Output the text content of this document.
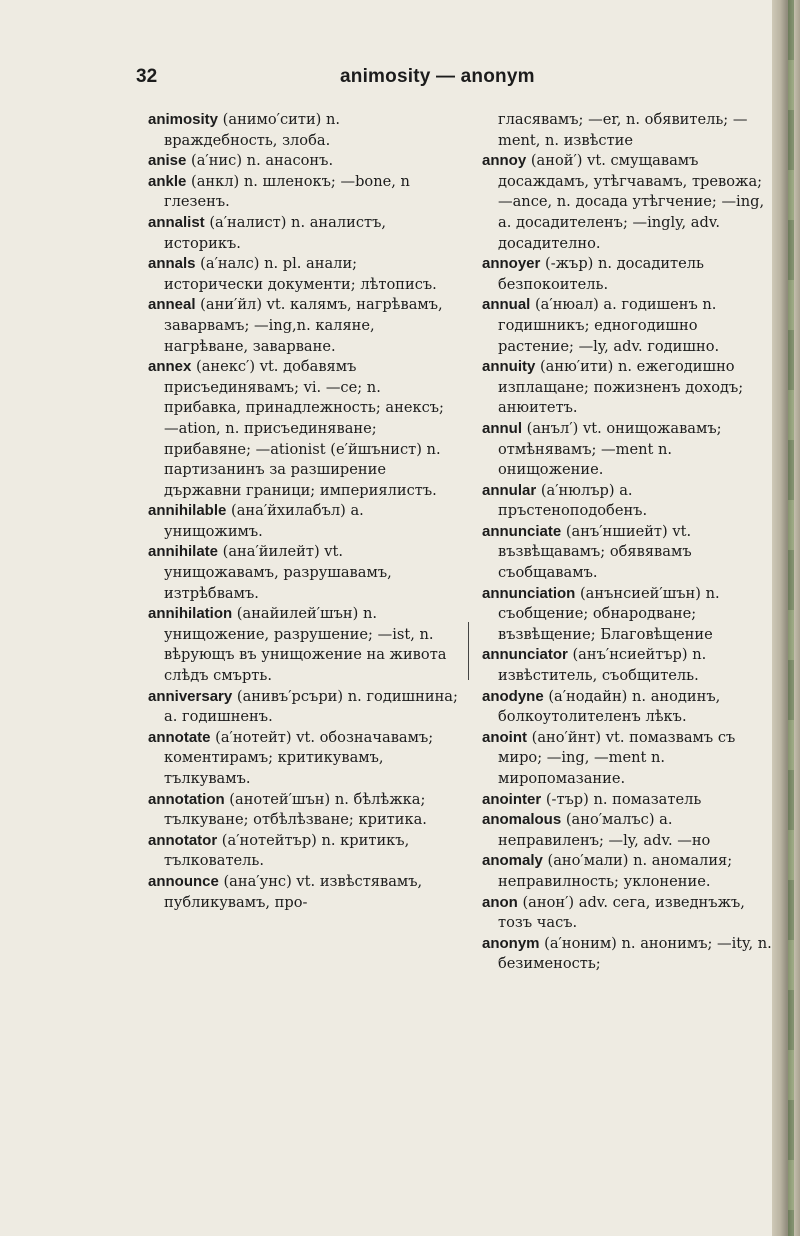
32	animosity — anonym

animosity (анимо′сити) n. враждебность, злоба.

anise (а′нис) n. анасонъ.

ankle (анкл) n. шленокъ; —bone, n глезенъ.

annalist (а′налист) n. аналистъ, историкъ.

annals (а′налс) n. pl. анали; исторически документи; лѣтописъ.

anneal (ани′йл) vt. калямъ, нагрѣвамъ, заварвамъ; —ing,n. каляне, нагрѣване, заварване.

annex (анекс′) vt. добавямъ присъединявамъ; vi. —се; n. прибавка, принадлежность; анексъ; —ation, n. присъединяване; прибавяне; —ationist (е′йшънист) n. партизанинъ за разширение държавни граници; империялистъ.

annihilable (ана′йхилабъл) a. унищожимъ.

annihilate (ана′йилейт) vt. унищожавамъ, разрушавамъ, изтрѣбвамъ.

annihilation (анайилей′шън) n. унищожение, разрушение; —ist, n. вѣрующъ въ унищожение на живота слѣдъ смърть.

anniversary (анивъ′рсъри) n. годишнина; a. годишненъ.

annotate (а′нотейт) vt. обозначавамъ; коментирамъ; критикувамъ, тълкувамъ.

annotation (анотей′шън) n. бѣлѣжка; тълкуване; отбѣлѣзване; критика.

annotator (а′нотейтър) n. критикъ, тълкователь.

announce (ана′унс) vt. извѣстявамъ, публикувамъ, про-

гласявамъ; —er, n. обявитель; —ment, n. извѣстие

annoy (аной′) vt. смущавамъ досаждамъ, утѣгчавамъ, тревожа; —ance, n. досада утѣгчение; —ing, a. досадителенъ; —ingly, adv. досадително.

annoyer (-жър) n. досадитель безпокоитель.

annual (а′нюал) a. годишенъ n. годишникъ; едногодишно растение; —ly, adv. годишно.

annuity (аню′ити) n. ежегодишно изплащане; пожизненъ доходъ; анюитетъ.

annul (анъл′) vt. онищожавамъ; отмѣнявамъ; —ment n. онищожение.

annular (а′нюлър) a. пръстеноподобенъ.

annunciate (анъ′ншиейт) vt. възвѣщавамъ; обявявамъ съобщавамъ.

annunciation (анънсией′шън) n. съобщение; обнародване; възвѣщение; Благовѣщение

annunciator (анъ′нсиейтър) n. извѣститель, съобщитель.

anodyne (а′нодайн) n. анодинъ, болкоутолителенъ лѣкъ.

anoint (ано′йнт) vt. помазвамъ съ миро; —ing, —ment n. миропомазание.

anointer (-тър) n. помазатель

anomalous (ано′малъс) a. неправиленъ; —ly, adv. —но

anomaly (ано′мали) n. аномалия; неправилность; уклонение.

anon (анон′) adv. сега, изведнъжъ, тозъ часъ.

anonym (а′ноним) n. анонимъ; —ity, n. безименость;
